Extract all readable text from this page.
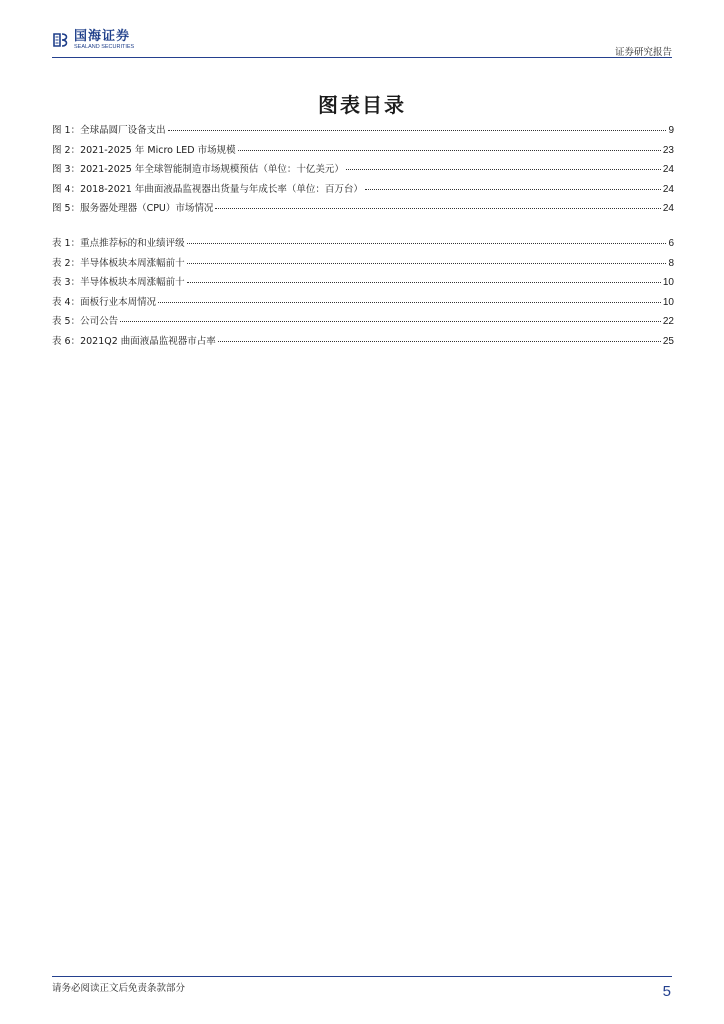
国海证券
SEALAND SECURITIES	证券研究报告
图表目录
图 1：全球晶圆厂设备支出	9
图 2：2021-2025 年 Micro LED 市场规模	23
图 3：2021-2025 年全球智能制造市场规模预估（单位：十亿美元）	24
图 4：2018-2021 年曲面液晶监视器出货量与年成长率（单位：百万台）	24
图 5：服务器处理器（CPU）市场情况	24
表 1：重点推荐标的和业绩评级	6
表 2：半导体板块本周涨幅前十	8
表 3：半导体板块本周涨幅前十	10
表 4：面板行业本周情况	10
表 5：公司公告	22
表 6：2021Q2 曲面液晶监视器市占率	25
请务必阅读正文后免责条款部分	5
